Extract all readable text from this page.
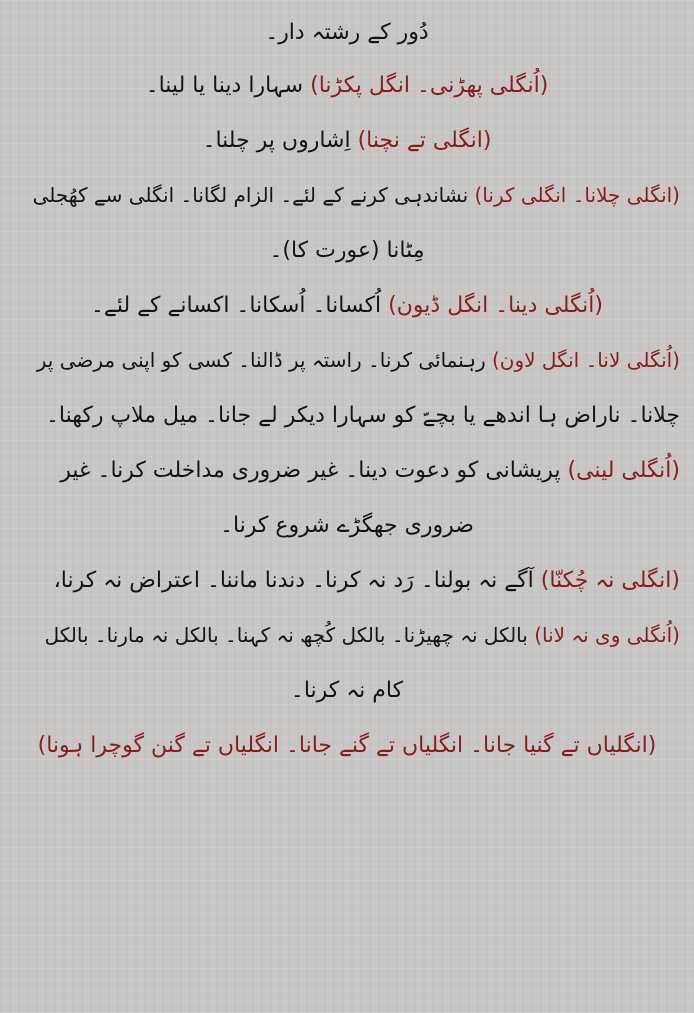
دُور کے رشتہ دار۔
(اُنگلی پھڑنی۔ انگل پکڑنا) سہارا دینا یا لینا۔
(انگلی تے نچنا) اِشاروں پر چلنا۔
(انگلی چلانا۔ انگلی کرنا) نشاندہی کرنے کے لئے۔ الزام لگانا۔ انگلی سے کھُجلی
مِٹانا (عورت کا)۔
(اُنگلی دینا۔ انگل ڈیون) اُکسانا۔ اُسکانا۔ اکسانے کے لئے۔
(اُنگلی لانا۔ انگل لاون) رہنمائی کرنا۔ راستہ پر ڈالنا۔ کسی کو اپنی مرضی پر
چلانا۔ ناراض ہا اندھے یا بچےّ کو سہارا دیکر لے جانا۔ میل ملاپ رکھنا۔
(اُنگلی لینی) پریشانی کو دعوت دینا۔ غیر ضروری مداخلت کرنا۔ غیر
ضروری جھگڑے شروع کرنا۔
(انگلی نہ چُکنّا) آگے نہ بولنا۔ رَد نہ کرنا۔ دندنا ماننا۔ اعتراض نہ کرنا،
(اُنگلی وی نہ لانا) بالکل نہ چھیڑنا۔ بالکل کُچھ نہ کہنا۔ بالکل نہ مارنا۔ بالکل
کام نہ کرنا۔
(انگلیاں تے گنیا جانا۔ انگلیاں تے گنے جانا۔ انگلیاں تے گنن گوچرا ہونا)
